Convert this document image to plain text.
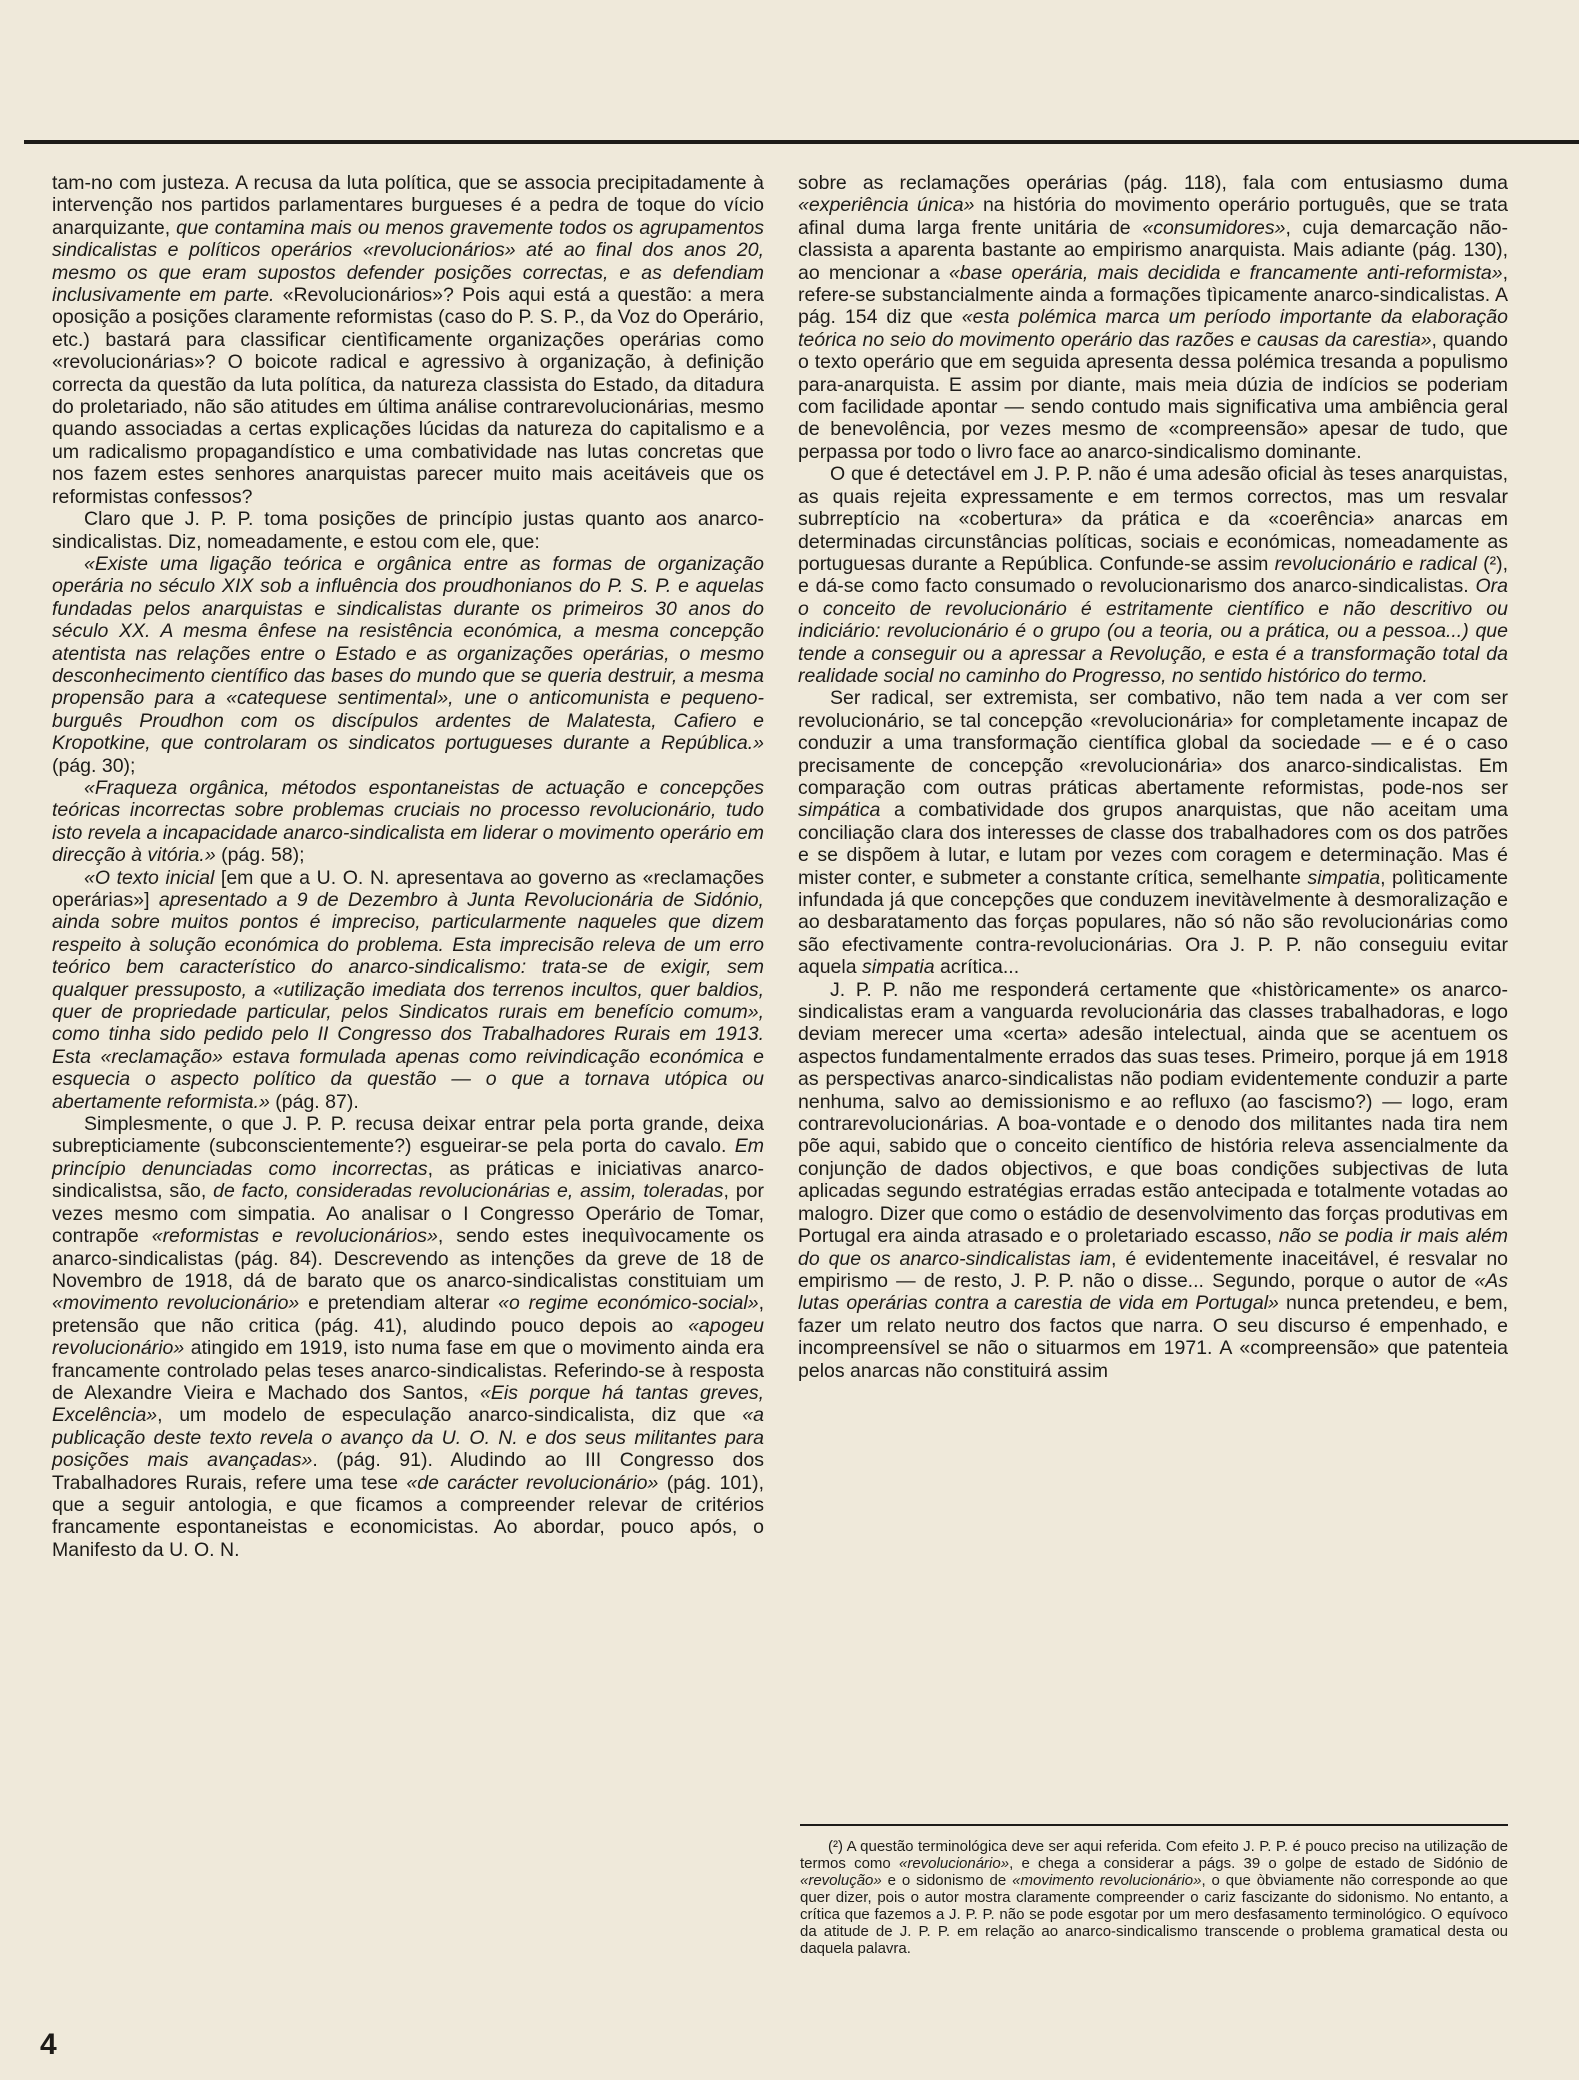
tam-no com justeza. A recusa da luta política, que se associa precipitadamente à intervenção nos partidos parlamentares burgueses é a pedra de toque do vício anarquizante, que contamina mais ou menos gravemente todos os agrupamentos sindicalistas e políticos operários «revolucionários» até ao final dos anos 20, mesmo os que eram supostos defender posições correctas, e as defendiam inclusivamente em parte. «Revolucionários»? Pois aqui está a questão: a mera oposição a posições claramente reformistas (caso do P. S. P., da Voz do Operário, etc.) bastará para classificar cientìficamente organizações operárias como «revolucionárias»? O boicote radical e agressivo à organização, à definição correcta da questão da luta política, da natureza classista do Estado, da ditadura do proletariado, não são atitudes em última análise contrarevolucionárias, mesmo quando associadas a certas explicações lúcidas da natureza do capitalismo e a um radicalismo propagandístico e uma combatividade nas lutas concretas que nos fazem estes senhores anarquistas parecer muito mais aceitáveis que os reformistas confessos?

Claro que J. P. P. toma posições de princípio justas quanto aos anarco-sindicalistas. Diz, nomeadamente, e estou com ele, que:

«Existe uma ligação teórica e orgânica entre as formas de organização operária no século XIX sob a influência dos proudhonianos do P. S. P. e aquelas fundadas pelos anarquistas e sindicalistas durante os primeiros 30 anos do século XX. A mesma ênfese na resistência económica, a mesma concepção atentista nas relações entre o Estado e as organizações operárias, o mesmo desconhecimento científico das bases do mundo que se queria destruir, a mesma propensão para a «catequese sentimental», une o anticomunista e pequeno-burguês Proudhon com os discípulos ardentes de Malatesta, Cafiero e Kropotkine, que controlaram os sindicatos portugueses durante a República.» (pág. 30);

«Fraqueza orgânica, métodos espontaneistas de actuação e concepções teóricas incorrectas sobre problemas cruciais no processo revolucionário, tudo isto revela a incapacidade anarco-sindicalista em liderar o movimento operário em direcção à vitória.» (pág. 58);

«O texto inicial [em que a U. O. N. apresentava ao governo as «reclamações operárias»] apresentado a 9 de Dezembro à Junta Revolucionária de Sidónio, ainda sobre muitos pontos é impreciso, particularmente naqueles que dizem respeito à solução económica do problema. Esta imprecisão releva de um erro teórico bem característico do anarco-sindicalismo: trata-se de exigir, sem qualquer pressuposto, a «utilização imediata dos terrenos incultos, quer baldios, quer de propriedade particular, pelos Sindicatos rurais em benefício comum», como tinha sido pedido pelo II Congresso dos Trabalhadores Rurais em 1913. Esta «reclamação» estava formulada apenas como reivindicação económica e esquecia o aspecto político da questão — o que a tornava utópica ou abertamente reformista.» (pág. 87).

Simplesmente, o que J. P. P. recusa deixar entrar pela porta grande, deixa subrepticiamente (subconscientemente?) esgueirar-se pela porta do cavalo. Em princípio denunciadas como incorrectas, as práticas e iniciativas anarco-sindicalistsa, são, de facto, consideradas revolucionárias e, assim, toleradas, por vezes mesmo com simpatia. Ao analisar o I Congresso Operário de Tomar, contrapõe «reformistas e revolucionários», sendo estes inequìvocamente os anarco-sindicalistas (pág. 84). Descrevendo as intenções da greve de 18 de Novembro de 1918, dá de barato que os anarco-sindicalistas constituiam um «movimento revolucionário» e pretendiam alterar «o regime económico-social», pretensão que não critica (pág. 41), aludindo pouco depois ao «apogeu revolucionário» atingido em 1919, isto numa fase em que o movimento ainda era francamente controlado pelas teses anarco-sindicalistas. Referindo-se à resposta de Alexandre Vieira e Machado dos Santos, «Eis porque há tantas greves, Excelência», um modelo de especulação anarco-sindicalista, diz que «a publicação deste texto revela o avanço da U. O. N. e dos seus militantes para posições mais avançadas». (pág. 91). Aludindo ao III Congresso dos Trabalhadores Rurais, refere uma tese «de carácter revolucionário» (pág. 101), que a seguir antologia, e que ficamos a compreender relevar de critérios francamente espontaneistas e economicistas. Ao abordar, pouco após, o Manifesto da U. O. N.

sobre as reclamações operárias (pág. 118), fala com entusiasmo duma «experiência única» na história do movimento operário português, que se trata afinal duma larga frente unitária de «consumidores», cuja demarcação não-classista a aparenta bastante ao empirismo anarquista. Mais adiante (pág. 130), ao mencionar a «base operária, mais decidida e francamente anti-reformista», refere-se substancialmente ainda a formações tìpicamente anarco-sindicalistas. A pág. 154 diz que «esta polémica marca um período importante da elaboração teórica no seio do movimento operário das razões e causas da carestia», quando o texto operário que em seguida apresenta dessa polémica tresanda a populismo para-anarquista. E assim por diante, mais meia dúzia de indícios se poderiam com facilidade apontar — sendo contudo mais significativa uma ambiência geral de benevolência, por vezes mesmo de «compreensão» apesar de tudo, que perpassa por todo o livro face ao anarco-sindicalismo dominante.

O que é detectável em J. P. P. não é uma adesão oficial às teses anarquistas, as quais rejeita expressamente e em termos correctos, mas um resvalar subrreptício na «cobertura» da prática e da «coerência» anarcas em determinadas circunstâncias políticas, sociais e económicas, nomeadamente as portuguesas durante a República. Confunde-se assim revolucionário e radical (²), e dá-se como facto consumado o revolucionarismo dos anarco-sindicalistas. Ora o conceito de revolucionário é estritamente científico e não descritivo ou indiciário: revolucionário é o grupo (ou a teoria, ou a prática, ou a pessoa...) que tende a conseguir ou a apressar a Revolução, e esta é a transformação total da realidade social no caminho do Progresso, no sentido histórico do termo.

Ser radical, ser extremista, ser combativo, não tem nada a ver com ser revolucionário, se tal concepção «revolucionária» for completamente incapaz de conduzir a uma transformação científica global da sociedade — e é o caso precisamente de concepção «revolucionária» dos anarco-sindicalistas. Em comparação com outras práticas abertamente reformistas, pode-nos ser simpática a combatividade dos grupos anarquistas, que não aceitam uma conciliação clara dos interesses de classe dos trabalhadores com os dos patrões e se dispõem à lutar, e lutam por vezes com coragem e determinação. Mas é mister conter, e submeter a constante crítica, semelhante simpatia, polìticamente infundada já que concepções que conduzem inevitàvelmente à desmoralização e ao desbaratamento das forças populares, não só não são revolucionárias como são efectivamente contra-revolucionárias. Ora J. P. P. não conseguiu evitar aquela simpatia acrítica...

J. P. P. não me responderá certamente que «històricamente» os anarco-sindicalistas eram a vanguarda revolucionária das classes trabalhadoras, e logo deviam merecer uma «certa» adesão intelectual, ainda que se acentuem os aspectos fundamentalmente errados das suas teses. Primeiro, porque já em 1918 as perspectivas anarco-sindicalistas não podiam evidentemente conduzir a parte nenhuma, salvo ao demissionismo e ao refluxo (ao fascismo?) — logo, eram contrarevolucionárias. A boa-vontade e o denodo dos militantes nada tira nem põe aqui, sabido que o conceito científico de história releva assencialmente da conjunção de dados objectivos, e que boas condições subjectivas de luta aplicadas segundo estratégias erradas estão antecipada e totalmente votadas ao malogro. Dizer que como o estádio de desenvolvimento das forças produtivas em Portugal era ainda atrasado e o proletariado escasso, não se podia ir mais além do que os anarco-sindicalistas iam, é evidentemente inaceitável, é resvalar no empirismo — de resto, J. P. P. não o disse... Segundo, porque o autor de «As lutas operárias contra a carestia de vida em Portugal» nunca pretendeu, e bem, fazer um relato neutro dos factos que narra. O seu discurso é empenhado, e incompreensível se não o situarmos em 1971. A «compreensão» que patenteia pelos anarcas não constituirá assim

(²) A questão terminológica deve ser aqui referida. Com efeito J. P. P. é pouco preciso na utilização de termos como «revolucionário», e chega a considerar a págs. 39 o golpe de estado de Sidónio de «revolução» e o sidonismo de «movimento revolucionário», o que òbviamente não corresponde ao que quer dizer, pois o autor mostra claramente compreender o cariz fascizante do sidonismo. No entanto, a crítica que fazemos a J. P. P. não se pode esgotar por um mero desfasamento terminológico. O equívoco da atitude de J. P. P. em relação ao anarco-sindicalismo transcende o problema gramatical desta ou daquela palavra.

4
